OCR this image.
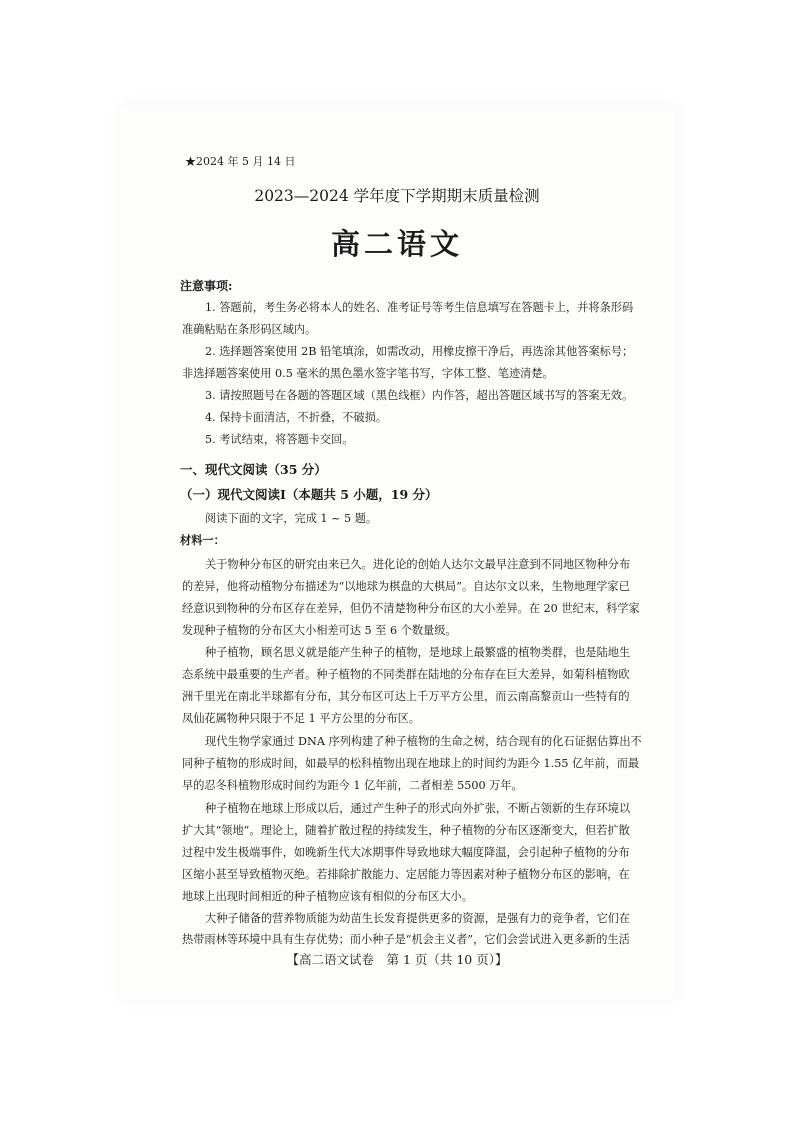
★2024 年 5 月 14 日
2023—2024 学年度下学期期末质量检测
高二语文
注意事项:
1. 答题前，考生务必将本人的姓名、准考证号等考生信息填写在答题卡上，并将条形码
准确粘贴在条形码区域内。
2. 选择题答案使用 2B 铅笔填涂，如需改动，用橡皮擦干净后，再选涂其他答案标号；
非选择题答案使用 0.5 毫米的黑色墨水签字笔书写，字体工整、笔迹清楚。
3. 请按照题号在各题的答题区域（黑色线框）内作答，超出答题区域书写的答案无效。
4. 保持卡面清洁，不折叠，不破损。
5. 考试结束，将答题卡交回。
一、现代文阅读（35 分）
（一）现代文阅读Ⅰ（本题共 5 小题，19 分）
阅读下面的文字，完成 1 ~ 5 题。
材料一：
关于物种分布区的研究由来已久。进化论的创始人达尔文最早注意到不同地区物种分布
的差异，他将动植物分布描述为“以地球为棋盘的大棋局”。自达尔文以来，生物地理学家已
经意识到物种的分布区存在差异，但仍不清楚物种分布区的大小差异。在 20 世纪末，科学家
发现种子植物的分布区大小相差可达 5 至 6 个数量级。
种子植物，顾名思义就是能产生种子的植物，是地球上最繁盛的植物类群，也是陆地生
态系统中最重要的生产者。种子植物的不同类群在陆地的分布存在巨大差异，如菊科植物欧
洲千里光在南北半球都有分布，其分布区可达上千万平方公里，而云南高黎贡山一些特有的
凤仙花属物种只限于不足 1 平方公里的分布区。
现代生物学家通过 DNA 序列构建了种子植物的生命之树，结合现有的化石证据估算出不
同种子植物的形成时间，如最早的松科植物出现在地球上的时间约为距今 1.55 亿年前，而最
早的忍冬科植物形成时间约为距今 1 亿年前，二者相差 5500 万年。
种子植物在地球上形成以后，通过产生种子的形式向外扩张，不断占领新的生存环境以
扩大其“领地”。理论上，随着扩散过程的持续发生，种子植物的分布区逐渐变大，但若扩散
过程中发生极端事件，如晚新生代大冰期事件导致地球大幅度降温，会引起种子植物的分布
区缩小甚至导致植物灭绝。若排除扩散能力、定居能力等因素对种子植物分布区的影响，在
地球上出现时间相近的种子植物应该有相似的分布区大小。
大种子储备的营养物质能为幼苗生长发育提供更多的资源，是强有力的竞争者，它们在
热带雨林等环境中具有生存优势；而小种子是“机会主义者”，它们会尝试进入更多新的生活
【高二语文试卷　第 1 页（共 10 页）】
